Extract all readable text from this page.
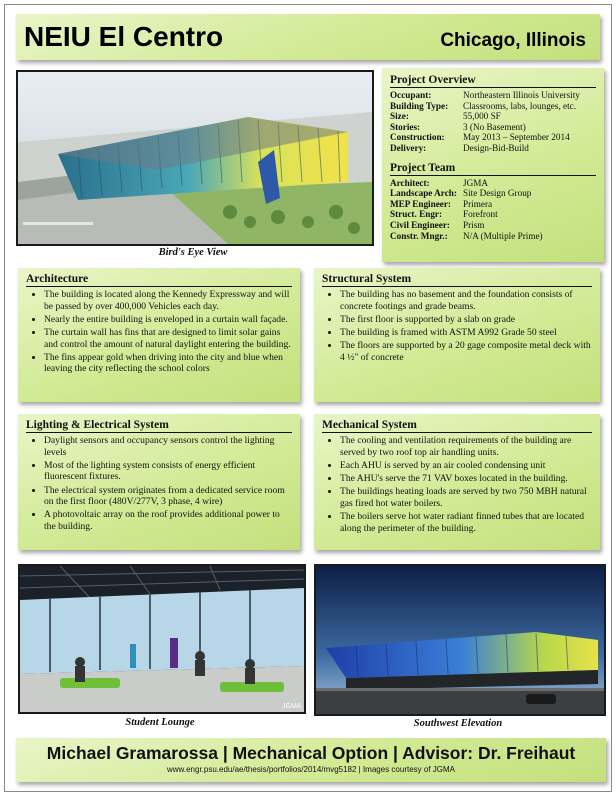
NEIU El Centro	Chicago, Illinois
Bird's Eye View
Project Overview
Occupant:	Northeastern Illinois University
Building Type:	Classrooms, labs, lounges, etc.
Size:	55,000 SF
Stories:	3 (No Basement)
Construction:	May 2013 – September 2014
Delivery:	Design-Bid-Build
Project Team
Architect:	JGMA
Landscape Arch: Site Design Group
MEP Engineer:	Primera
Struct. Engr:	Forefront
Civil Engineer:	Prism
Constr. Mngr.:	N/A (Multiple Prime)
Architecture
• The building is located along the Kennedy Expressway and will be passed by over 400,000 Vehicles each day.
• Nearly the entire building is enveloped in a curtain wall façade.
• The curtain wall has fins that are designed to limit solar gains and control the amount of natural daylight entering the building.
• The fins appear gold when driving into the city and blue when leaving the city reflecting the school colors
Structural System
• The building has no basement and the foundation consists of concrete footings and grade beams.
• The first floor is supported by a slab on grade
• The building is framed with ASTM A992 Grade 50 steel
• The floors are supported by a 20 gage composite metal deck with 4 ½" of concrete
Lighting & Electrical System
• Daylight sensors and occupancy sensors control the lighting levels
• Most of the lighting system consists of energy efficient fluorescent fixtures.
• The electrical system originates from a dedicated service room on the first floor (480V/277V, 3 phase, 4 wire)
• A photovoltaic array on the roof provides additional power to the building.
Mechanical System
• The cooling and ventilation requirements of the building are served by two roof top air handling units.
• Each AHU is served by an air cooled condensing unit
• The AHU's serve the 71 VAV boxes located in the building.
• The buildings heating loads are served by two 750 MBH natural gas fired hot water boilers.
• The boilers serve hot water radiant finned tubes that are located along the perimeter of the building.
JGMA
Student Lounge	Southwest Elevation
Michael Gramarossa | Mechanical Option | Advisor: Dr. Freihaut
www.engr.psu.edu/ae/thesis/portfolios/2014/mvg5182 | Images courtesy of JGMA
